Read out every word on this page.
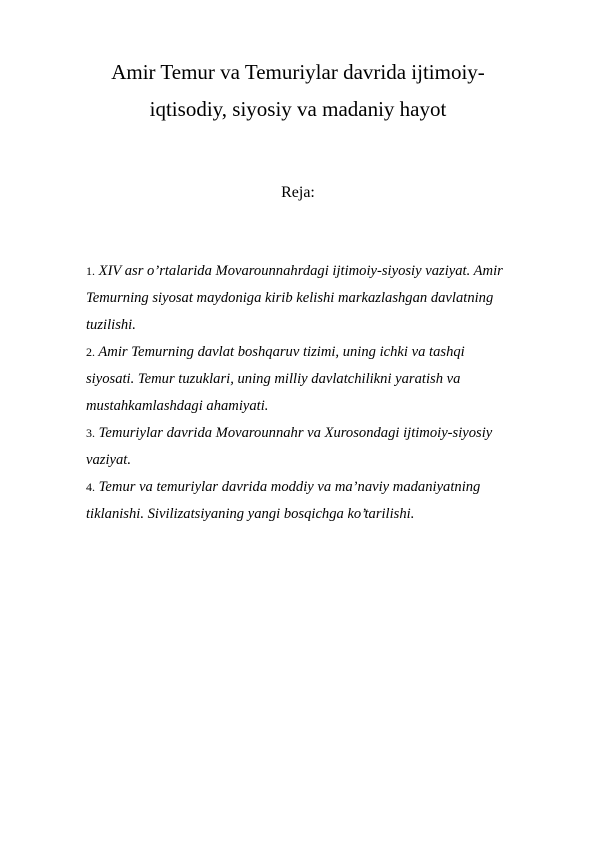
Amir Temur va Temuriylar davrida ijtimoiy-
iqtisodiy, siyosiy va madaniy hayot
Reja:
1. XIV asr o’rtalarida Movarounnahrdagi ijtimoiy-siyosiy vaziyat. Amir
Temurning siyosat maydoniga kirib kelishi markazlashgan davlatning
tuzilishi.
2. Amir Temurning davlat boshqaruv tizimi, uning ichki va tashqi
siyosati. Temur tuzuklari, uning milliy davlatchilikni yaratish va
mustahkamlashdagi ahamiyati.
3. Temuriylar davrida Movarounnahr va Xurosondagi ijtimoiy-siyosiy
vaziyat.
4. Temur va temuriylar davrida moddiy va ma’naviy madaniyatning
tiklanishi. Sivilizatsiyaning yangi bosqichga ko’tarilishi.
